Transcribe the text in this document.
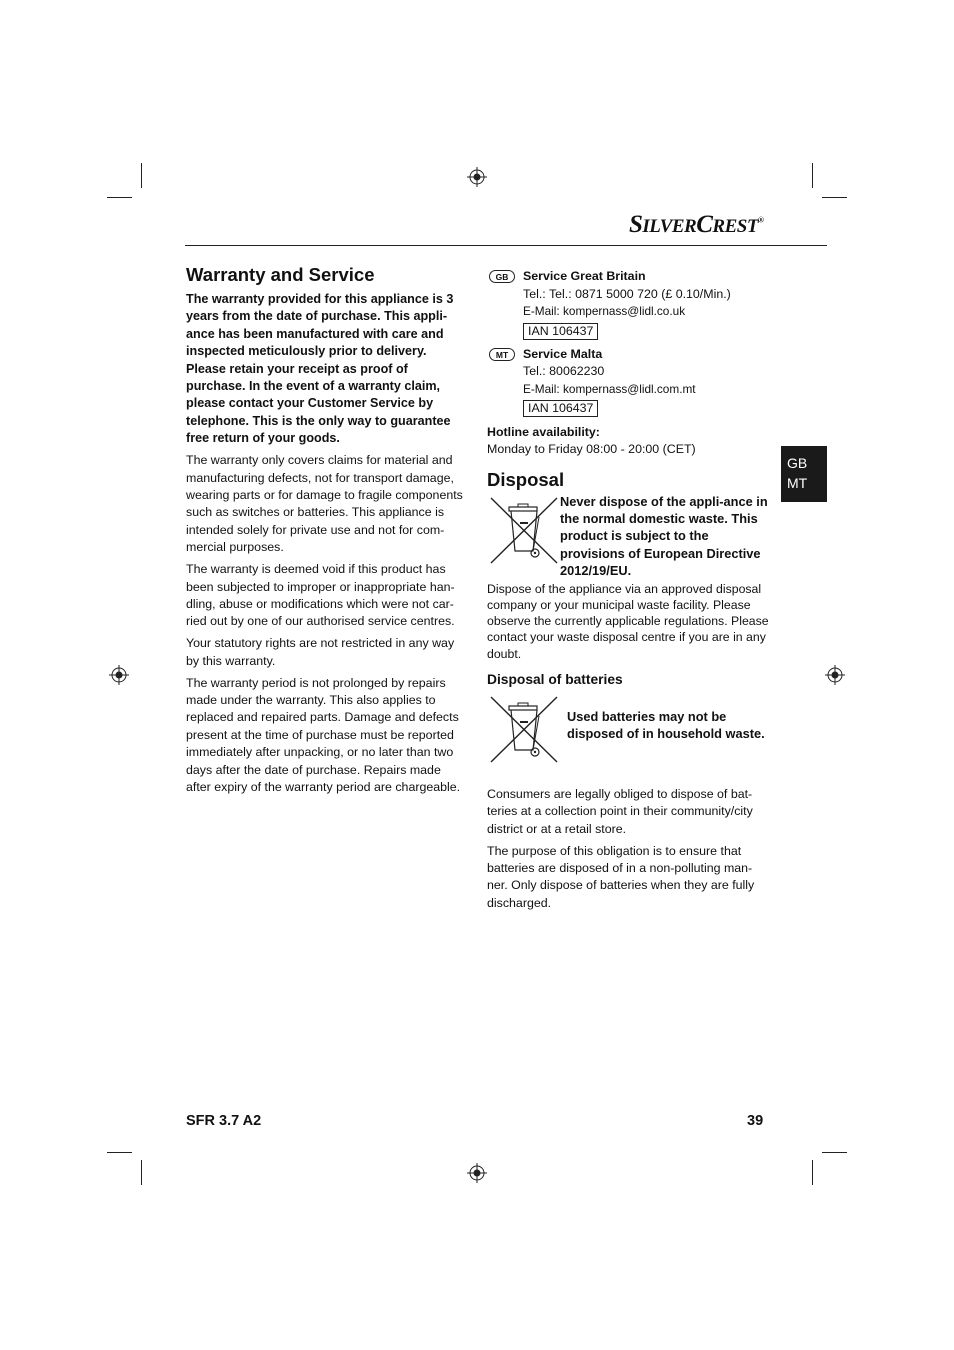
SILVERCREST®
GB
MT
Warranty and Service

The warranty provided for this appliance is 3 years from the date of purchase. This appli-ance has been manufactured with care and inspected meticulously prior to delivery. Please retain your receipt as proof of purchase. In the event of a warranty claim, please contact your Customer Service by telephone. This is the only way to guarantee free return of your goods.

The warranty only covers claims for material and manufacturing defects, not for transport damage, wearing parts or for damage to fragile components such as switches or batteries. This appliance is intended solely for private use and not for com-mercial purposes.

The warranty is deemed void if this product has been subjected to improper or inappropriate han-dling, abuse or modifications which were not car-ried out by one of our authorised service centres.

Your statutory rights are not restricted in any way by this warranty.

The warranty period is not prolonged by repairs made under the warranty. This also applies to replaced and repaired parts. Damage and defects present at the time of purchase must be reported immediately after unpacking, or no later than two days after the date of purchase. Repairs made after expiry of the warranty period are chargeable.

GB	Service Great Britain

Tel.: Tel.: 0871 5000 720 (£ 0.10/Min.)

E-Mail: kompernass@lidl.co.uk

IAN 106437
MT	Service Malta

Tel.: 80062230

E-Mail: kompernass@lidl.com.mt

IAN 106437

Hotline availability:

Monday to Friday 08:00 - 20:00 (CET)

Disposal
Never dispose of the appli-ance in the normal domestic waste. This product is subject to the provisions of European Directive 2012/19/EU.

Dispose of the appliance via an approved disposal company or your municipal waste facility. Please observe the currently applicable regulations. Please contact your waste disposal centre if you are in any doubt.

Disposal of batteries
Used batteries may not be disposed of in household waste.

Consumers are legally obliged to dispose of bat-teries at a collection point in their community/city district or at a retail store.

The purpose of this obligation is to ensure that batteries are disposed of in a non-polluting man-ner. Only dispose of batteries when they are fully discharged.

SFR 3.7 A2	39
